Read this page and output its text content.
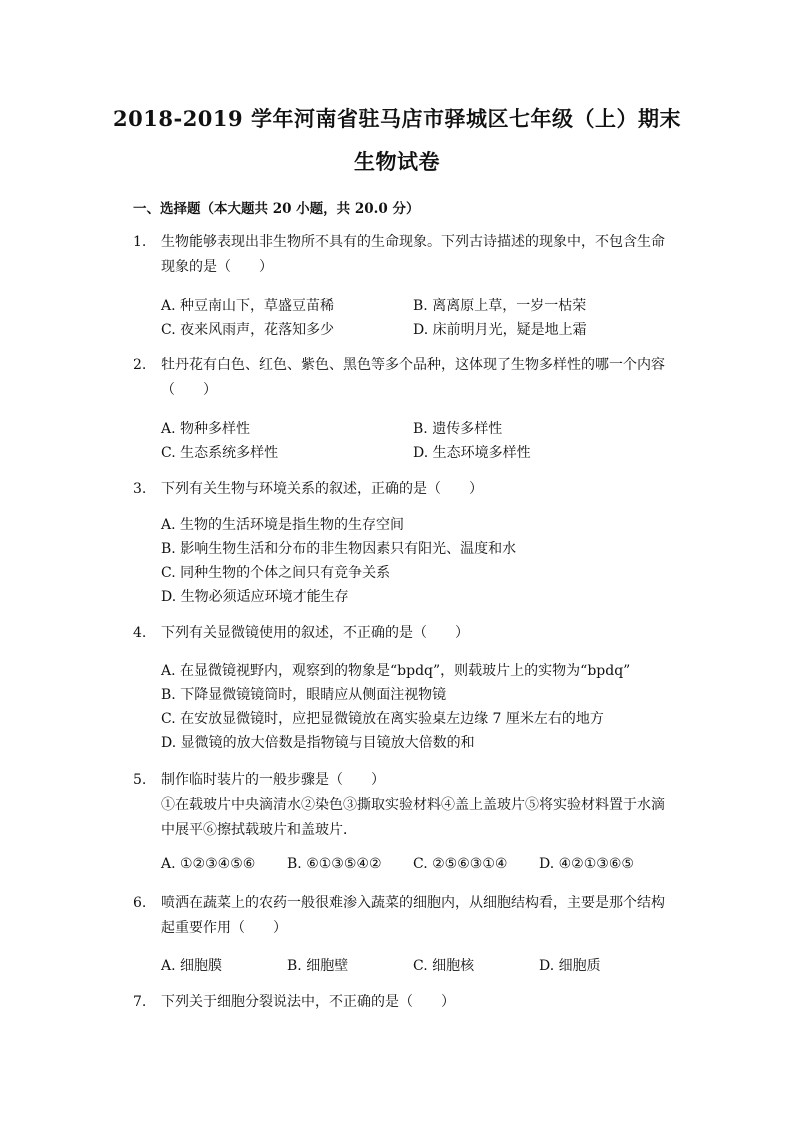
2018-2019 学年河南省驻马店市驿城区七年级（上）期末
生物试卷
一、选择题（本大题共 20 小题，共 20.0 分）
1.	生物能够表现出非生物所不具有的生命现象。下列古诗描述的现象中，不包含生命现象的是（　　）
A. 种豆南山下，草盛豆苗稀	B. 离离原上草，一岁一枯荣
C. 夜来风雨声，花落知多少	D. 床前明月光，疑是地上霜
2.	牡丹花有白色、红色、紫色、黑色等多个品种，这体现了生物多样性的哪一个内容（　　）
A. 物种多样性	B. 遗传多样性
C. 生态系统多样性	D. 生态环境多样性
3.	下列有关生物与环境关系的叙述，正确的是（　　）
A. 生物的生活环境是指生物的生存空间
B. 影响生物生活和分布的非生物因素只有阳光、温度和水
C. 同种生物的个体之间只有竞争关系
D. 生物必须适应环境才能生存
4.	下列有关显微镜使用的叙述，不正确的是（　　）
A. 在显微镜视野内，观察到的物象是“bpdq”，则载玻片上的实物为“bpdq”
B. 下降显微镜镜筒时，眼睛应从侧面注视物镜
C. 在安放显微镜时，应把显微镜放在离实验桌左边缘 7 厘米左右的地方
D. 显微镜的放大倍数是指物镜与目镜放大倍数的和
5.	制作临时装片的一般步骤是（　　）
①在载玻片中央滴清水②染色③撕取实验材料④盖上盖玻片⑤将实验材料置于水滴中展平⑥擦拭载玻片和盖玻片．
A. ①②③④⑤⑥ B. ⑥①③⑤④② C. ②⑤⑥③①④ D. ④②①③⑥⑤
6.	喷洒在蔬菜上的农药一般很难渗入蔬菜的细胞内，从细胞结构看，主要是那个结构起重要作用（　　）
A. 细胞膜	B. 细胞壁	C. 细胞核	D. 细胞质
7.	下列关于细胞分裂说法中，不正确的是（　　）
